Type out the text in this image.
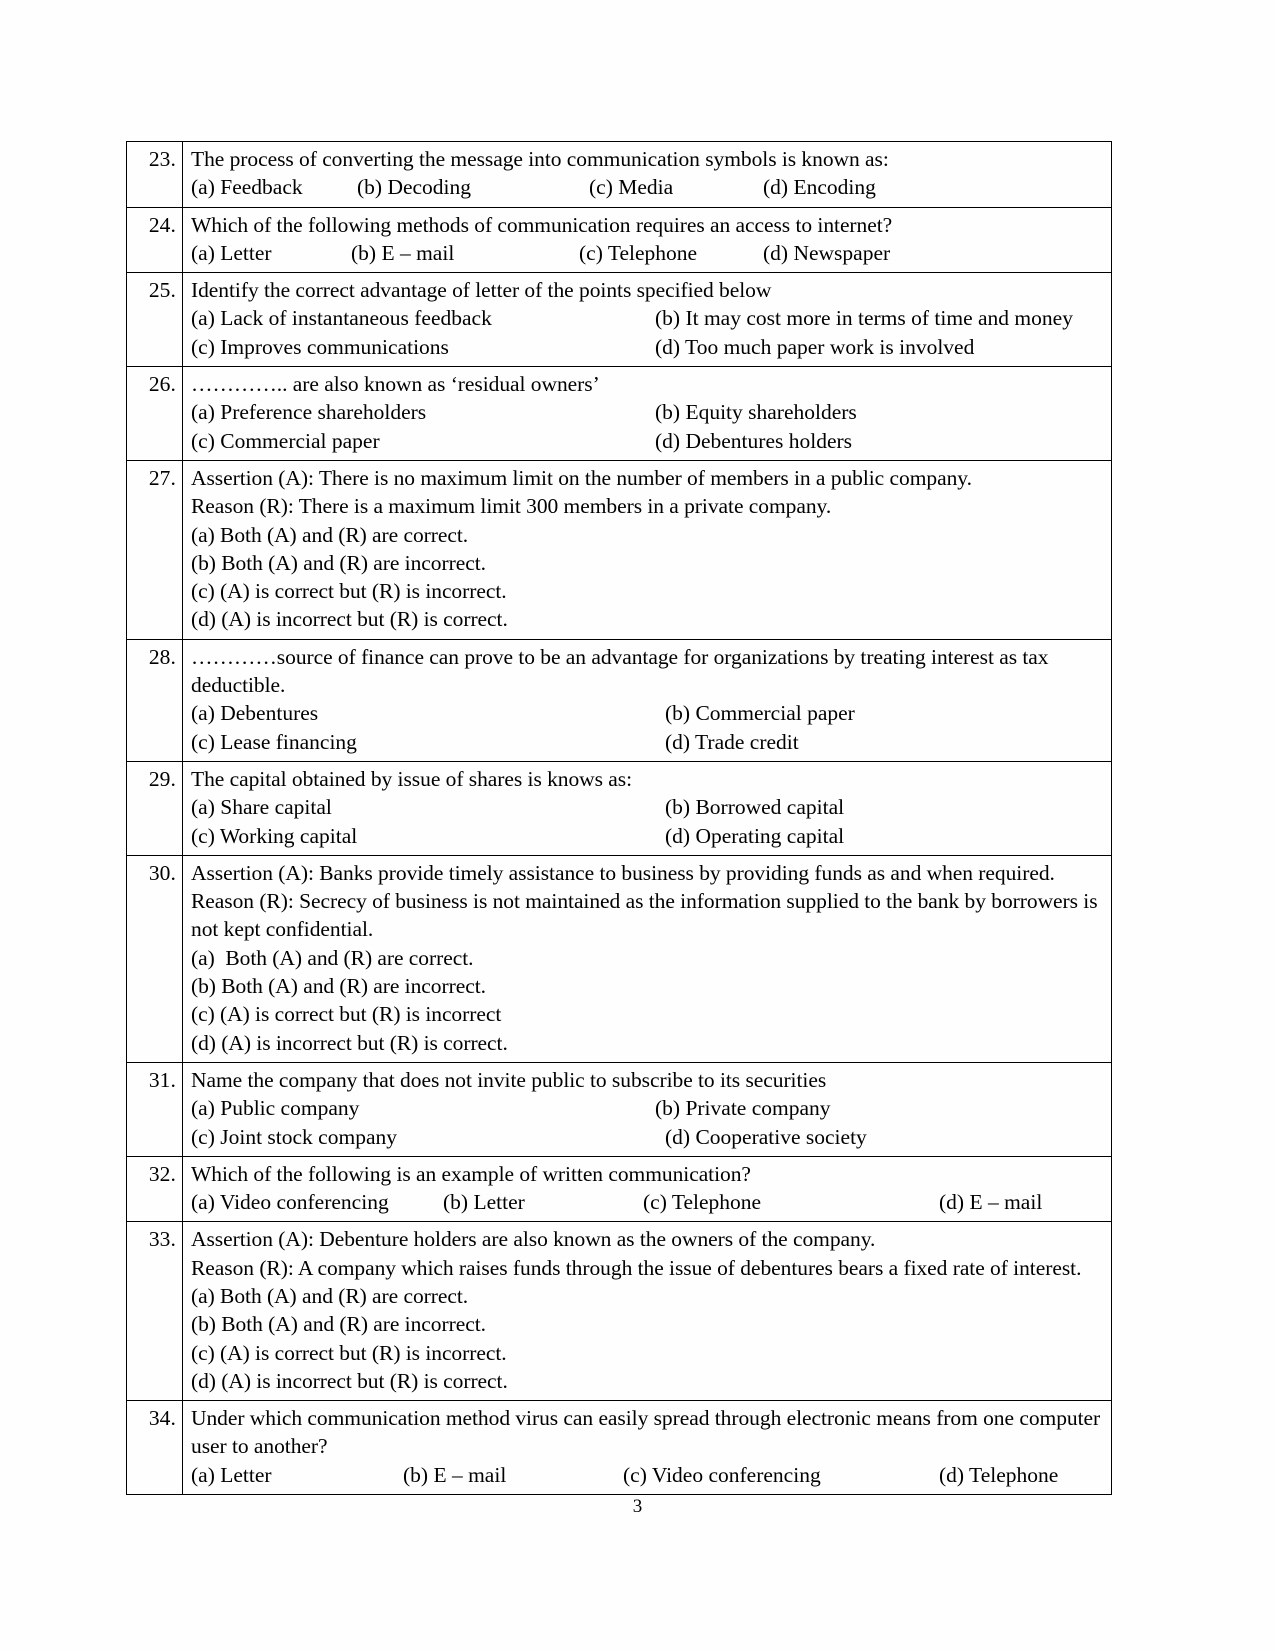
23.	The process of converting the message into communication symbols is known as:

(a) Feedback

(b) Decoding

(c) Media

(d) Encoding

24.	Which of the following methods of communication requires an access to internet?

(a) Letter

(b) E – mail

(c) Telephone

(d) Newspaper

25.	Identify the correct advantage of letter of the points specified below

(a) Lack of instantaneous feedback

(b) It may cost more in terms of time and money

(c) Improves communications

(d) Too much paper work is involved

26.	………….. are also known as ‘residual owners’

(a) Preference shareholders

(b) Equity shareholders

(c) Commercial paper

(d) Debentures holders

27.	Assertion (A): There is no maximum limit on the number of members in a public company.
Reason (R): There is a maximum limit 300 members in a private company.
(a) Both (A) and (R) are correct.
(b) Both (A) and (R) are incorrect.
(c) (A) is correct but (R) is incorrect.
(d) (A) is incorrect but (R) is correct.

28.	…………source of finance can prove to be an advantage for organizations by treating interest as tax deductible.

(a) Debentures

(b) Commercial paper

(c) Lease financing

(d) Trade credit

29.	The capital obtained by issue of shares is knows as:

(a) Share capital

(b) Borrowed capital

(c) Working capital

(d) Operating capital

30.	Assertion (A): Banks provide timely assistance to business by providing funds as and when required.
Reason (R): Secrecy of business is not maintained as the information supplied to the bank by borrowers is not kept confidential.
(a)  Both (A) and (R) are correct.
(b) Both (A) and (R) are incorrect.
(c) (A) is correct but (R) is incorrect
(d) (A) is incorrect but (R) is correct.

31.	Name the company that does not invite public to subscribe to its securities

(a) Public company

(b) Private company

(c) Joint stock company

(d) Cooperative society

32.	Which of the following is an example of written communication?

(a) Video conferencing

(b) Letter

(c) Telephone

(d) E – mail

33.	Assertion (A): Debenture holders are also known as the owners of the company.
Reason (R): A company which raises funds through the issue of debentures bears a fixed rate of interest.
(a) Both (A) and (R) are correct.
(b) Both (A) and (R) are incorrect.
(c) (A) is correct but (R) is incorrect.
(d) (A) is incorrect but (R) is correct.

34.	Under which communication method virus can easily spread through electronic means from one computer user to another?

(a) Letter

(b) E – mail

(c) Video conferencing

(d) Telephone

3
